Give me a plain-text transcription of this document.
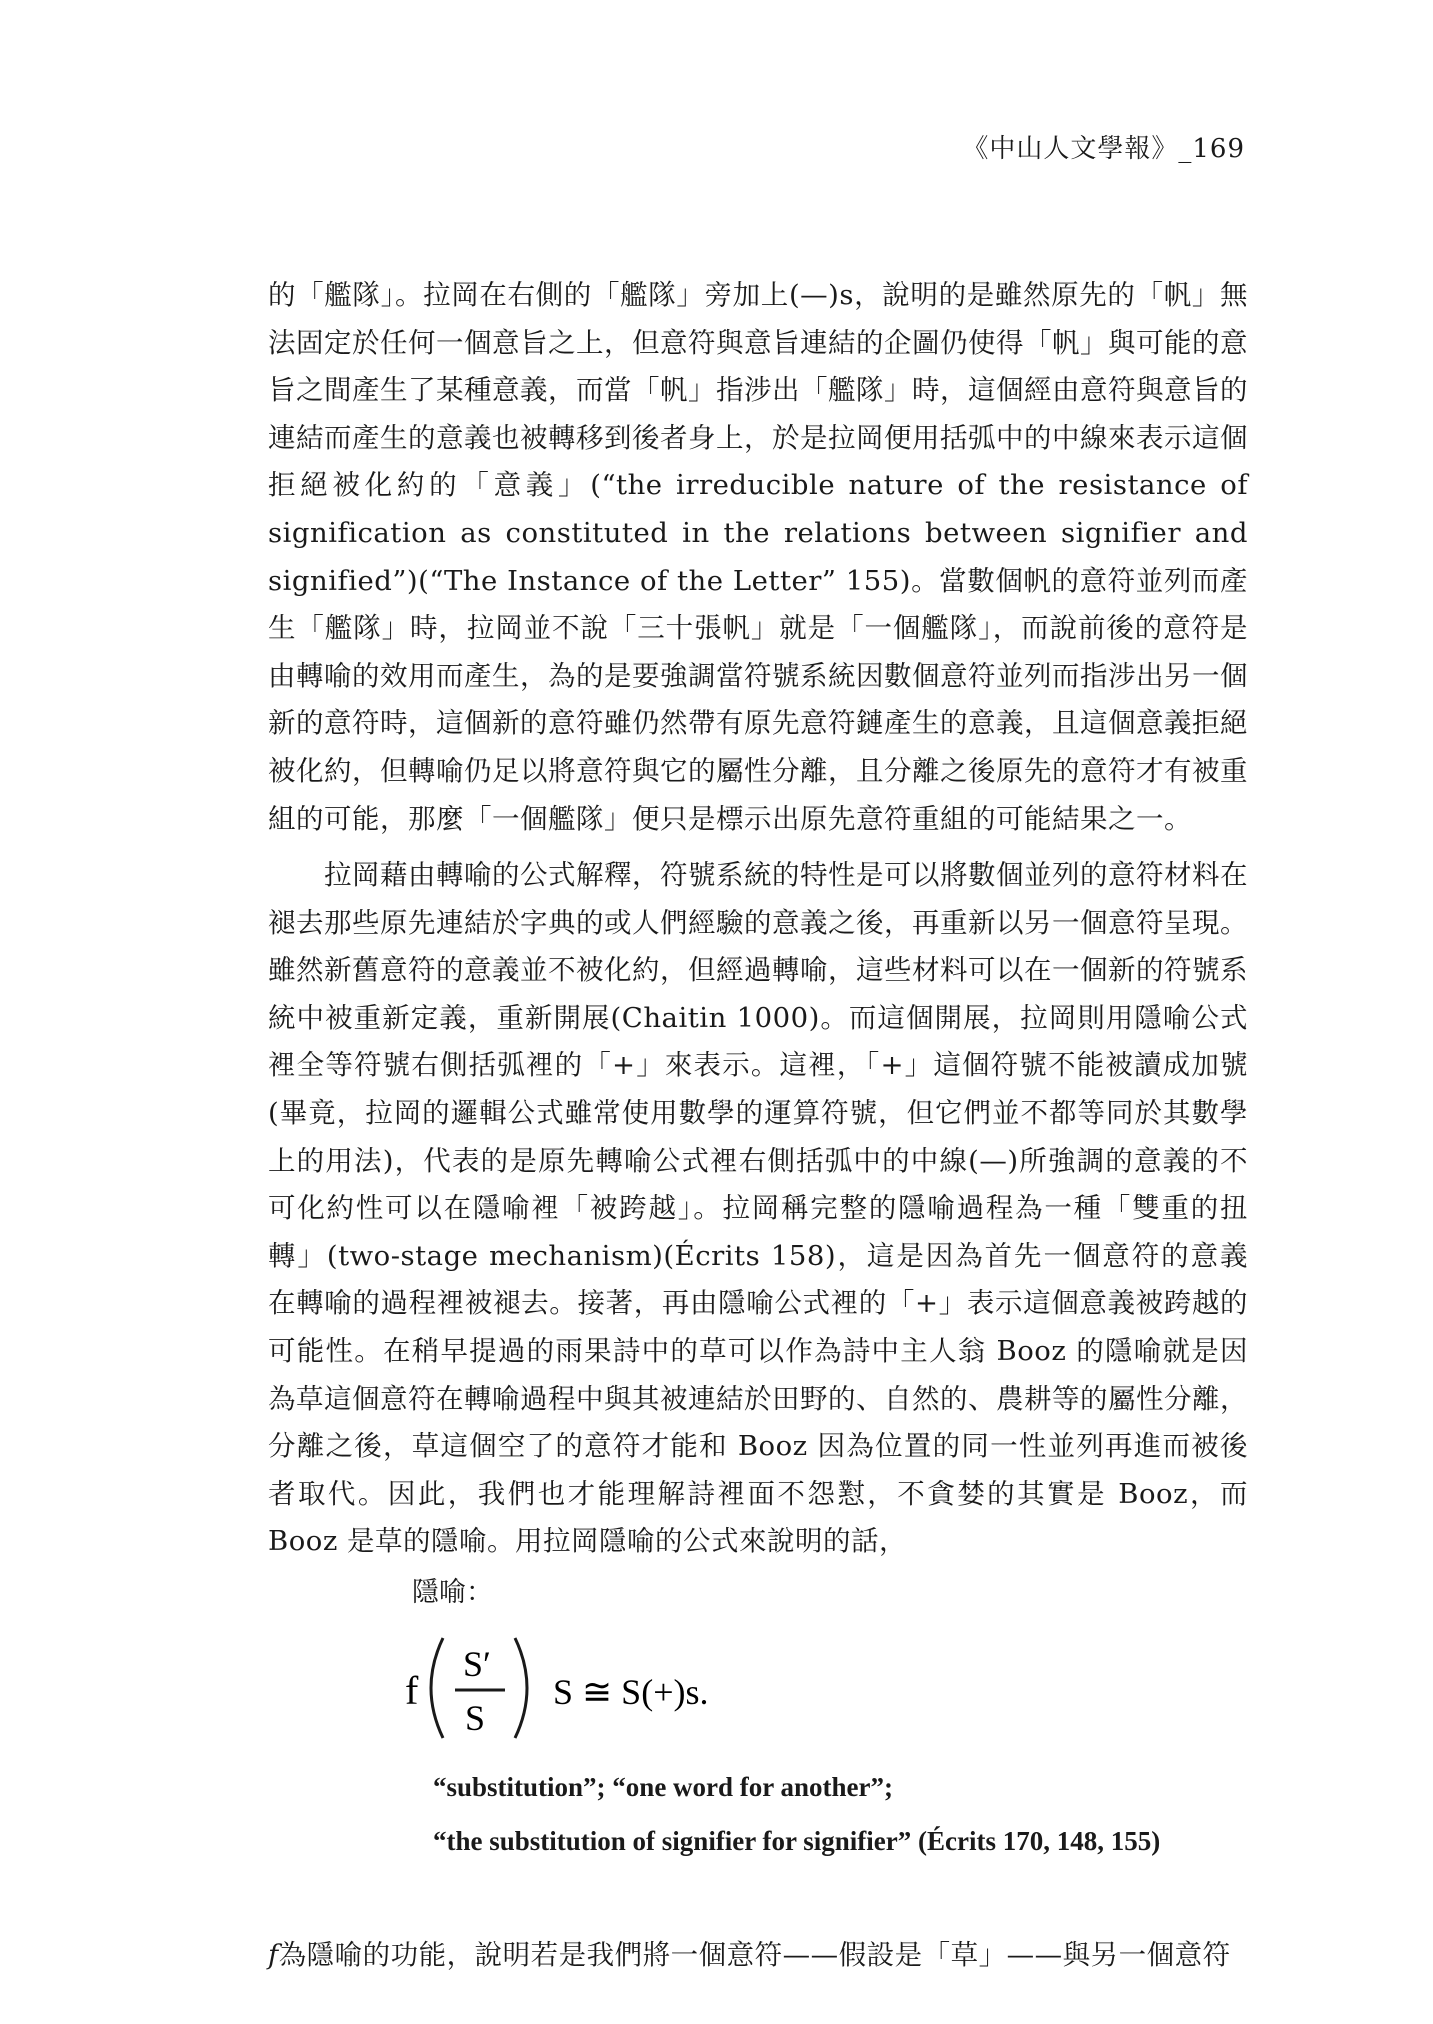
《中山人文學報》_169

的「艦隊」。拉岡在右側的「艦隊」旁加上(—)s，說明的是雖然原先的「帆」無法固定於任何一個意旨之上，但意符與意旨連結的企圖仍使得「帆」與可能的意旨之間產生了某種意義，而當「帆」指涉出「艦隊」時，這個經由意符與意旨的連結而產生的意義也被轉移到後者身上，於是拉岡便用括弧中的中線來表示這個拒絕被化約的「意義」(“the irreducible nature of the resistance of signification as constituted in the relations between signifier and signified”)(“The Instance of the Letter” 155)。當數個帆的意符並列而產生「艦隊」時，拉岡並不說「三十張帆」就是「一個艦隊」，而說前後的意符是由轉喻的效用而產生，為的是要強調當符號系統因數個意符並列而指涉出另一個新的意符時，這個新的意符雖仍然帶有原先意符鏈產生的意義，且這個意義拒絕被化約，但轉喻仍足以將意符與它的屬性分離，且分離之後原先的意符才有被重組的可能，那麼「一個艦隊」便只是標示出原先意符重組的可能結果之一。

拉岡藉由轉喻的公式解釋，符號系統的特性是可以將數個並列的意符材料在褪去那些原先連結於字典的或人們經驗的意義之後，再重新以另一個意符呈現。雖然新舊意符的意義並不被化約，但經過轉喻，這些材料可以在一個新的符號系統中被重新定義，重新開展(Chaitin 1000)。而這個開展，拉岡則用隱喻公式裡全等符號右側括弧裡的「+」來表示。這裡，「+」這個符號不能被讀成加號(畢竟，拉岡的邏輯公式雖常使用數學的運算符號，但它們並不都等同於其數學上的用法)，代表的是原先轉喻公式裡右側括弧中的中線(—)所強調的意義的不可化約性可以在隱喻裡「被跨越」。拉岡稱完整的隱喻過程為一種「雙重的扭轉」(two-stage mechanism)(Écrits 158)，這是因為首先一個意符的意義在轉喻的過程裡被褪去。接著，再由隱喻公式裡的「+」表示這個意義被跨越的可能性。在稍早提過的雨果詩中的草可以作為詩中主人翁 Booz 的隱喻就是因為草這個意符在轉喻過程中與其被連結於田野的、自然的、農耕等的屬性分離，分離之後，草這個空了的意符才能和 Booz 因為位置的同一性並列再進而被後者取代。因此，我們也才能理解詩裡面不怨懟，不貪婪的其實是 Booz，而 Booz 是草的隱喻。用拉岡隱喻的公式來說明的話，

隱喻：
f
S′
S
S ≅ S(+)s.
“substitution”; “one word for another”;
“the substitution of signifier for signifier” (Écrits 170, 148, 155)
f為隱喻的功能，說明若是我們將一個意符——假設是「草」——與另一個意符
